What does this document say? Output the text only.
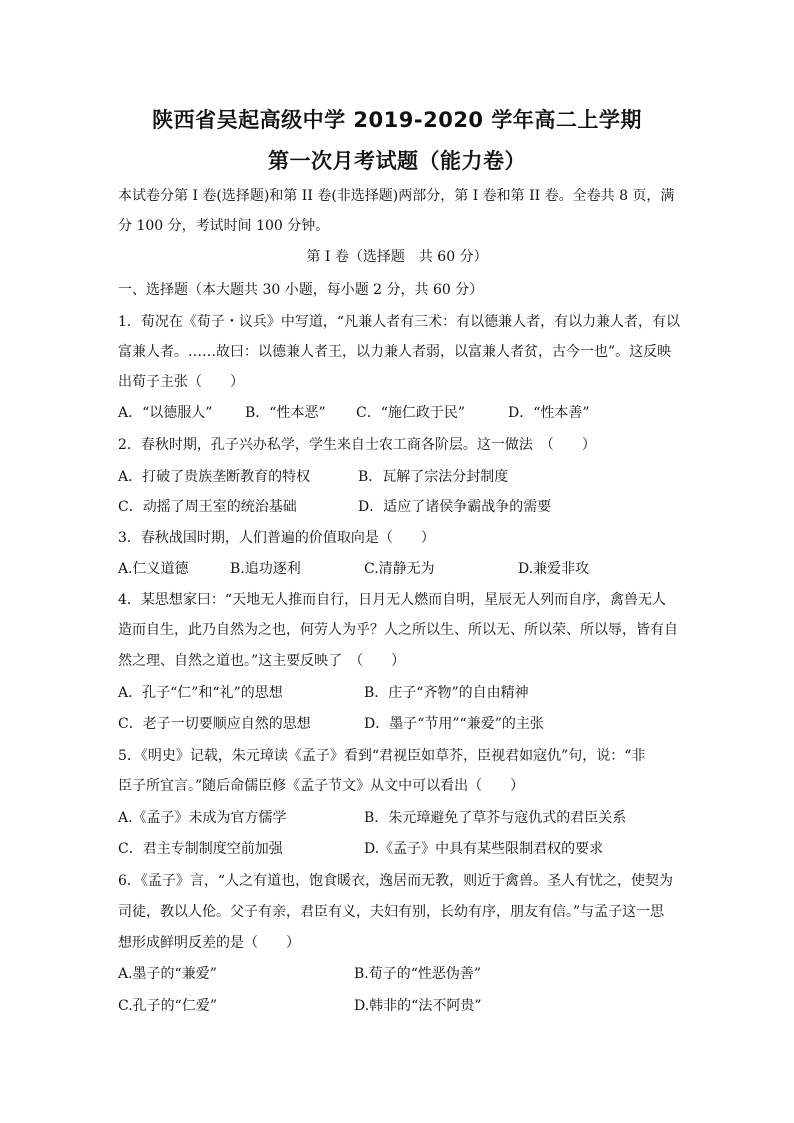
陕西省吴起高级中学 2019-2020 学年高二上学期
第一次月考试题（能力卷）
本试卷分第 I 卷(选择题)和第 II 卷(非选择题)两部分，第 I 卷和第 II 卷。全卷共 8 页，满
分 100 分，考试时间 100 分钟。
第 I 卷（选择题　共 60 分）
一、选择题（本大题共 30 小题，每小题 2 分，共 60 分）
1．荀况在《荀子・议兵》中写道，“凡兼人者有三术：有以德兼人者，有以力兼人者，有以
富兼人者。……故曰：以德兼人者王，以力兼人者弱，以富兼人者贫，古今一也”。这反映
出荀子主张（　　）
A．“以德服人” B．“性本恶” C．“施仁政于民”	D．“性本善”
2．春秋时期，孔子兴办私学，学生来自士农工商各阶层。这一做法　（　　）
A．打破了贵族垄断教育的特权	B．瓦解了宗法分封制度
C．动摇了周王室的统治基础	D．适应了诸侯争霸战争的需要
3．春秋战国时期，人们普遍的价值取向是（　　）
A.仁义道德	B.追功逐利	C.清静无为	D.兼爱非攻
4．某思想家曰：“天地无人推而自行，日月无人燃而自明，星辰无人列而自序，禽兽无人
造而自生，此乃自然为之也，何劳人为乎？人之所以生、所以无、所以荣、所以辱，皆有自
然之理、自然之道也。”这主要反映了　（　　）
A．孔子“仁”和“礼”的思想	B．庄子“齐物”的自由精神
C．老子一切要顺应自然的思想	D．墨子“节用”“兼爱”的主张
5．《明史》记载，朱元璋读《孟子》看到“君视臣如草芥，臣视君如寇仇”句，说：“非
臣子所宜言。”随后命儒臣修《孟子节文》从文中可以看出（　　）
A.《孟子》未成为官方儒学	B．朱元璋避免了草芥与寇仇式的君臣关系
C．君主专制制度空前加强	D.《孟子》中具有某些限制君权的要求
6．《孟子》言，“人之有道也，饱食暖衣，逸居而无教，则近于禽兽。圣人有忧之，使契为
司徒，教以人伦。父子有亲，君臣有义，夫妇有别，长幼有序，朋友有信。”与孟子这一思
想形成鲜明反差的是（　　）
A.墨子的“兼爱”	B.荀子的“性恶伪善”
C.孔子的“仁爱”	D.韩非的“法不阿贵”
